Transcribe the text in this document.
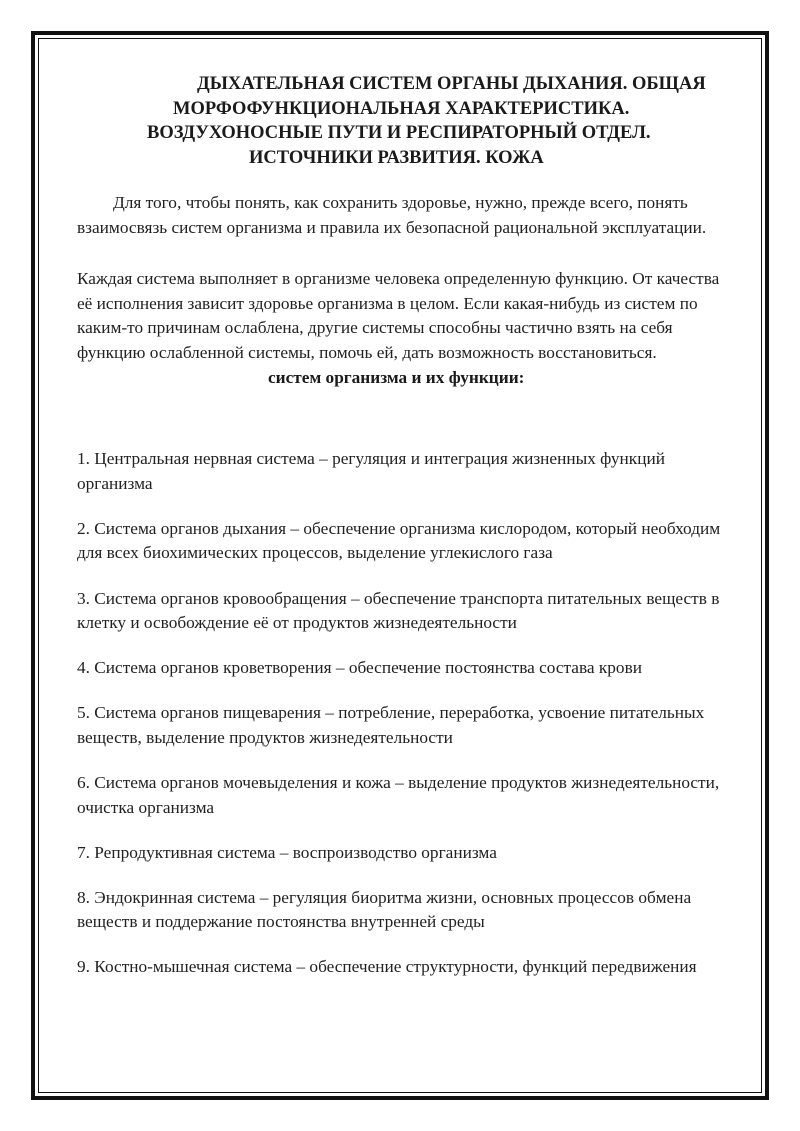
ДЫХАТЕЛЬНАЯ СИСТЕМ ОРГАНЫ ДЫХАНИЯ. ОБЩАЯ
МОРФОФУНКЦИОНАЛЬНАЯ ХАРАКТЕРИСТИКА.
ВОЗДУХОНОСНЫЕ ПУТИ И РЕСПИРАТОРНЫЙ ОТДЕЛ.
ИСТОЧНИКИ РАЗВИТИЯ. КОЖА

Для того, чтобы понять, как сохранить здоровье, нужно, прежде всего, понять взаимосвязь систем организма и правила их безопасной рациональной эксплуатации.

Каждая система выполняет в организме человека определенную функцию. От качества её исполнения зависит здоровье организма в целом. Если какая-нибудь из систем по каким-то причинам ослаблена, другие системы способны частично взять на себя функцию ослабленной системы, помочь ей, дать возможность восстановиться.

систем организма и их функции:

1. Центральная нервная система – регуляция и интеграция жизненных функций организма

2. Система органов дыхания – обеспечение организма кислородом, который необходим для всех биохимических процессов, выделение углекислого газа

3. Система органов кровообращения – обеспечение транспорта питательных веществ в клетку и освобождение её от продуктов жизнедеятельности

4. Система органов кроветворения – обеспечение постоянства состава крови

5. Система органов пищеварения – потребление, переработка, усвоение питательных веществ, выделение продуктов жизнедеятельности

6. Система органов мочевыделения и кожа – выделение продуктов жизнедеятельности, очистка организма

7. Репродуктивная система – воспроизводство организма

8. Эндокринная система – регуляция биоритма жизни, основных процессов обмена веществ и поддержание постоянства внутренней среды

9. Костно-мышечная система – обеспечение структурности, функций передвижения
